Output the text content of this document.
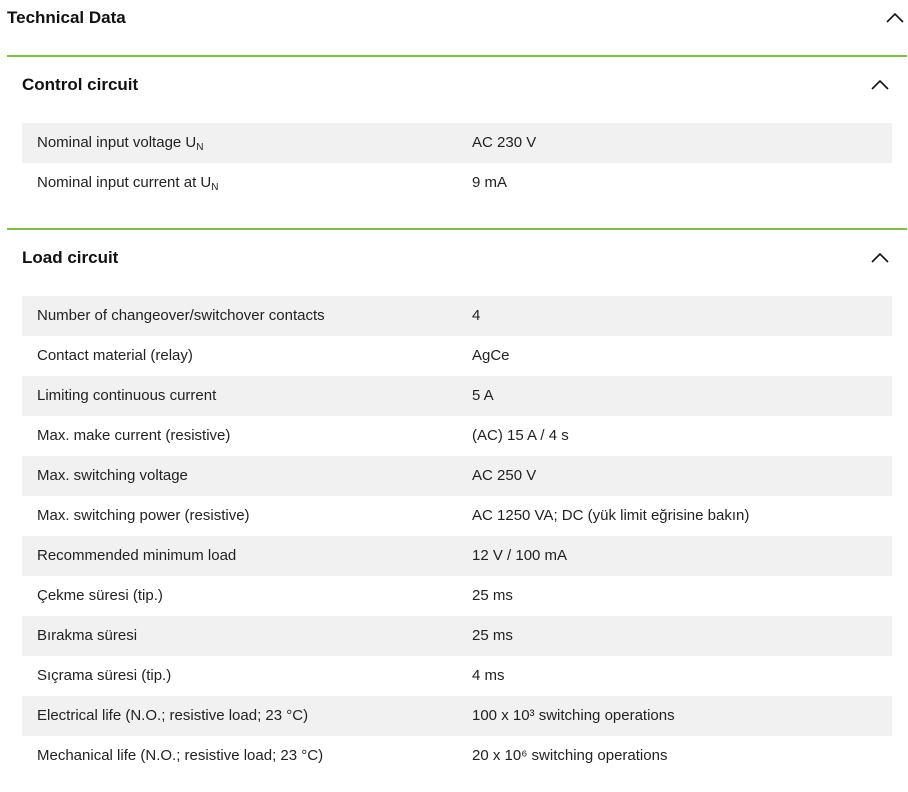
Technical Data
Control circuit
Nominal input voltage $U_N$	AC 230 V
Nominal input current at $U_N$	9 mA
Load circuit
Number of changeover/switchover contacts	4
Contact material (relay)	AgCe
Limiting continuous current	5 A
Max. make current (resistive)	(AC) 15 A / 4 s
Max. switching voltage	AC 250 V
Max. switching power (resistive)	AC 1250 VA; DC (yük limit eğrisine bakın)
Recommended minimum load	12 V / 100 mA
Çekme süresi (tip.)	25 ms
Bırakma süresi	25 ms
Sıçrama süresi (tip.)	4 ms
Electrical life (N.O.; resistive load; 23 °C)	100 x 10³ switching operations
Mechanical life (N.O.; resistive load; 23 °C)	20 x 10⁶ switching operations
